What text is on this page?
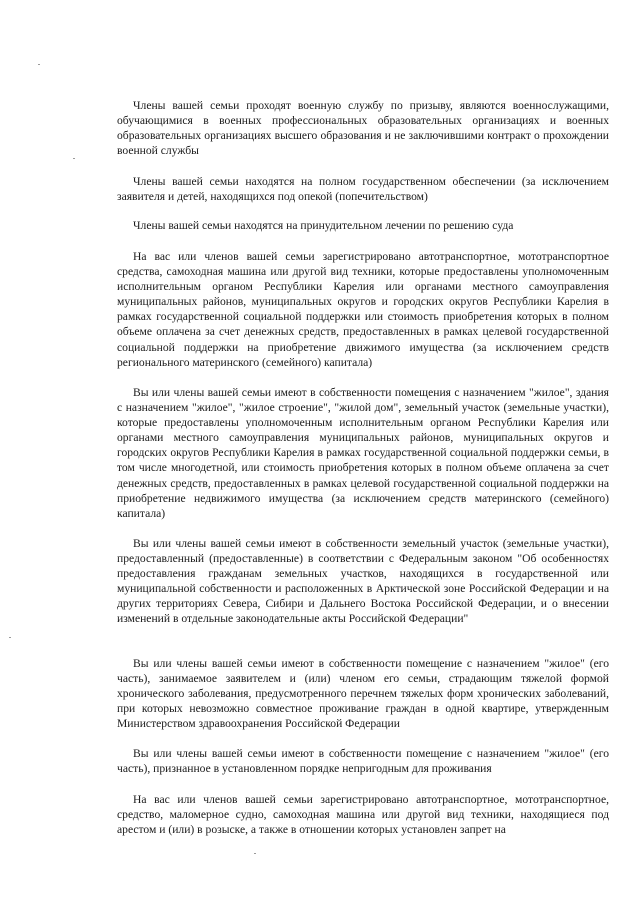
Члены вашей семьи проходят военную службу по призыву, являются военнослужащими, обучающимися в военных профессиональных образовательных организациях и военных образовательных организациях высшего образования и не заключившими контракт о прохождении военной службы

Члены вашей семьи находятся на полном государственном обеспечении (за исключением заявителя и детей, находящихся под опекой (попечительством)

Члены вашей семьи находятся на принудительном лечении по решению суда

На вас или членов вашей семьи зарегистрировано автотранспортное, мототранспортное средства, самоходная машина или другой вид техники, которые предоставлены уполномоченным исполнительным органом Республики Карелия или органами местного самоуправления муниципальных районов, муниципальных округов и городских округов Республики Карелия в рамках государственной социальной поддержки или стоимость приобретения которых в полном объеме оплачена за счет денежных средств, предоставленных в рамках целевой государственной социальной поддержки на приобретение движимого имущества (за исключением средств регионального материнского (семейного) капитала)

Вы или члены вашей семьи имеют в собственности помещения с назначением "жилое", здания с назначением "жилое", "жилое строение", "жилой дом", земельный участок (земельные участки), которые предоставлены уполномоченным исполнительным органом Республики Карелия или органами местного самоуправления муниципальных районов, муниципальных округов и городских округов Республики Карелия в рамках государственной социальной поддержки семьи, в том числе многодетной, или стоимость приобретения которых в полном объеме оплачена за счет денежных средств, предоставленных в рамках целевой государственной социальной поддержки на приобретение недвижимого имущества (за исключением средств материнского (семейного) капитала)

Вы или члены вашей семьи имеют в собственности земельный участок (земельные участки), предоставленный (предоставленные) в соответствии с Федеральным законом "Об особенностях предоставления гражданам земельных участков, находящихся в государственной или муниципальной собственности и расположенных в Арктической зоне Российской Федерации и на других территориях Севера, Сибири и Дальнего Востока Российской Федерации, и о внесении изменений в отдельные законодательные акты Российской Федерации"

Вы или члены вашей семьи имеют в собственности помещение с назначением "жилое" (его часть), занимаемое заявителем и (или) членом его семьи, страдающим тяжелой формой хронического заболевания, предусмотренного перечнем тяжелых форм хронических заболеваний, при которых невозможно совместное проживание граждан в одной квартире, утвержденным Министерством здравоохранения Российской Федерации

Вы или члены вашей семьи имеют в собственности помещение с назначением "жилое" (его часть), признанное в установленном порядке непригодным для проживания

На вас или членов вашей семьи зарегистрировано автотранспортное, мототранспортное, средство, маломерное судно, самоходная машина или другой вид техники, находящиеся под арестом и (или) в розыске, а также в отношении которых установлен запрет на
